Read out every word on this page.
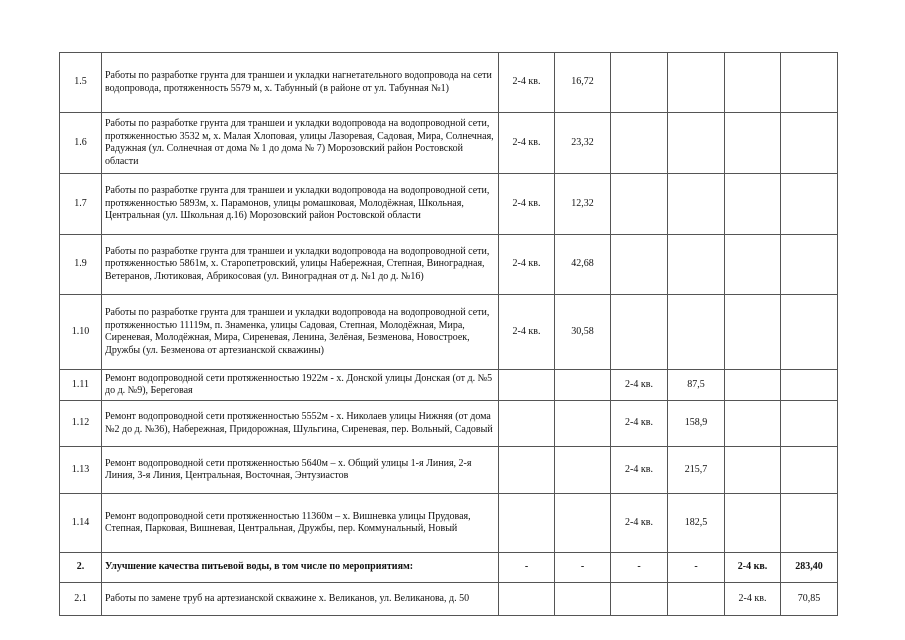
1.5	Работы по разработке грунта для траншеи и укладки нагнетательного водопровода на сети водопровода, протяженность 5579 м, х. Табунный (в районе от ул. Табунная №1)	2-4 кв.	16,72				
1.6	Работы по разработке грунта для траншеи и укладки водопровода на водопроводной сети, протяженностью 3532 м, х. Малая Хлоповая, улицы Лазоревая, Садовая, Мира, Солнечная, Радужная (ул. Солнечная от дома № 1 до дома № 7) Морозовский район Ростовской области	2-4 кв.	23,32				
1.7	Работы по разработке грунта для траншеи и укладки водопровода на водопроводной сети, протяженностью 5893м, х. Парамонов, улицы ромашковая, Молодёжная, Школьная, Центральная (ул. Школьная д.16) Морозовский район Ростовской области	2-4 кв.	12,32				
1.9	Работы по разработке грунта для траншеи и укладки водопровода на водопроводной сети, протяженностью 5861м, х. Старопетровский, улицы Набережная, Степная, Виноградная, Ветеранов, Лютиковая, Абрикосовая (ул. Виноградная от д. №1 до д. №16)	2-4 кв.	42,68				
1.10	Работы по разработке грунта для траншеи и укладки водопровода на водопроводной сети, протяженностью 11119м, п. Знаменка, улицы Садовая, Степная, Молодёжная, Мира, Сиреневая, Молодёжная, Мира, Сиреневая, Ленина, Зелёная, Безменова, Новостроек, Дружбы (ул. Безменова от артезианской скважины)	2-4 кв.	30,58				
1.11	Ремонт водопроводной сети протяженностью 1922м - х. Донской улицы Донская (от д. №5 до д. №9), Береговая			2-4 кв.	87,5		
1.12	Ремонт водопроводной сети протяженностью 5552м - х. Николаев улицы Нижняя (от дома №2 до д. №36), Набережная, Придорожная, Шульгина, Сиреневая, пер. Вольный, Садовый			2-4 кв.	158,9		
1.13	Ремонт водопроводной сети протяженностью 5640м – х. Общий улицы 1-я Линия, 2-я Линия, 3-я Линия, Центральная, Восточная, Энтузиастов			2-4 кв.	215,7		
1.14	Ремонт водопроводной сети протяженностью 11360м – х. Вишневка улицы Прудовая, Степная, Парковая, Вишневая, Центральная, Дружбы, пер. Коммунальный, Новый			2-4 кв.	182,5		
2.	Улучшение качества питьевой воды, в том числе по мероприятиям:	-	-	-	-	2-4 кв.	283,40
2.1	Работы по замене труб на артезианской скважине х. Великанов, ул. Великанова, д. 50					2-4 кв.	70,85
